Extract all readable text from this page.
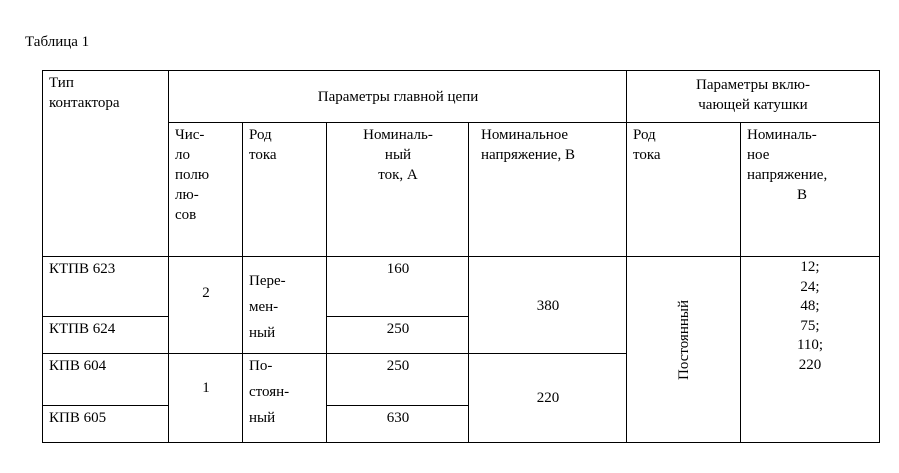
Таблица 1
Тип
контактора	Параметры главной цепи
Параметры вклю-
чающей катушки
Чис-
ло
полю
лю-
сов
Род
тока
Номиналь-
ный
ток, А
Номинальное
напряжение, В
Род
тока
Номиналь-
ное
напряжение,
В
КТПВ 623
КТПВ 624
КПВ 604
КПВ 605
2
1
Пере-
мен-
ный
По-
стоян-
ный
160
250
250
630
380
220
Постоянный
12;
24;
48;
75;
110;
220
